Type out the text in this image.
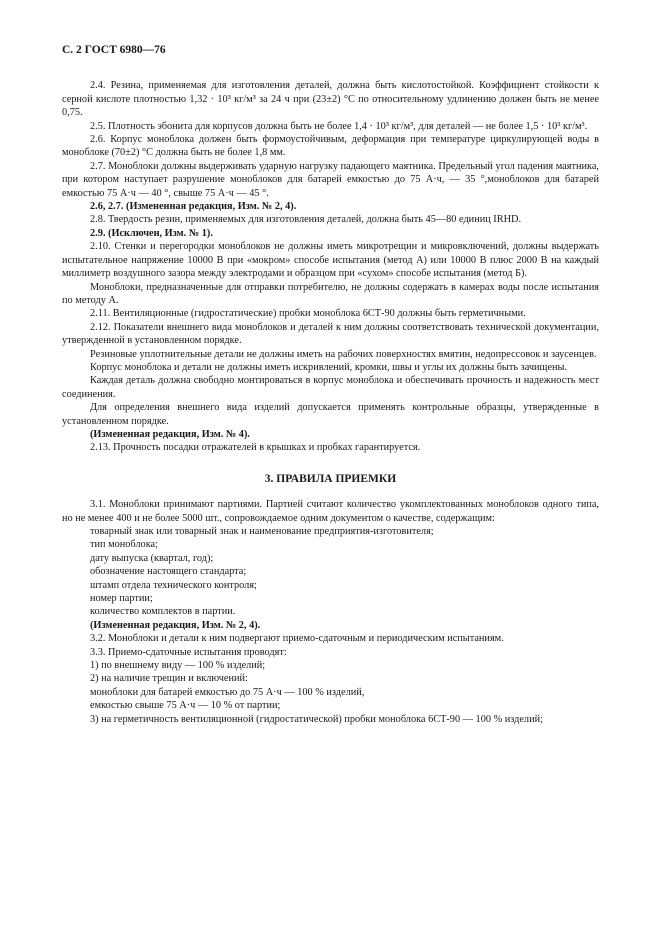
С. 2 ГОСТ 6980—76

2.4. Резина, применяемая для изготовления деталей, должна быть кислотостойкой. Коэффициент стойкости к серной кислоте плотностью 1,32 · 10³ кг/м³ за 24 ч при (23±2) °С по относительному удлинению должен быть не менее 0,75.

2.5. Плотность эбонита для корпусов должна быть не более 1,4 · 10³ кг/м³, для деталей — не более 1,5 · 10³ кг/м³.

2.6. Корпус моноблока должен быть формоустойчивым, деформация при температуре циркулирующей воды в моноблоке (70±2) °С должна быть не более 1,8 мм.

2.7. Моноблоки должны выдерживать ударную нагрузку падающего маятника. Предельный угол падения маятника, при котором наступает разрушение моноблоков для батарей емкостью до 75 А·ч, — 35 °,моноблоков для батарей емкостью 75 А·ч — 40 °, свыше 75 А·ч — 45 °.

2.6, 2.7. (Измененная редакция, Изм. № 2, 4).

2.8. Твердость резин, применяемых для изготовления деталей, должна быть 45—80 единиц IRHD.

2.9. (Исключен, Изм. № 1).

2.10. Стенки и перегородки моноблоков не должны иметь микротрещин и микровключений, должны выдержать испытательное напряжение 10000 В при «мокром» способе испытания (метод А) или 10000 В плюс 2000 В на каждый миллиметр воздушного зазора между электродами и образцом при «сухом» способе испытания (метод Б).

Моноблоки, предназначенные для отправки потребителю, не должны содержать в камерах воды после испытания по методу А.

2.11. Вентиляционные (гидростатические) пробки моноблока 6СТ-90 должны быть герметичными.

2.12. Показатели внешнего вида моноблоков и деталей к ним должны соответствовать технической документации, утвержденной в установленном порядке.

Резиновые уплотнительные детали не должны иметь на рабочих поверхностях вмятин, недопрессовок и заусенцев.

Корпус моноблока и детали не должны иметь искривлений, кромки, швы и углы их должны быть зачищены.

Каждая деталь должна свободно монтироваться в корпус моноблока и обеспечивать прочность и надежность мест соединения.

Для определения внешнего вида изделий допускается применять контрольные образцы, утвержденные в установленном порядке.

(Измененная редакция, Изм. № 4).

2.13. Прочность посадки отражателей в крышках и пробках гарантируется.

3. ПРАВИЛА ПРИЕМКИ

3.1. Моноблоки принимают партиями. Партией считают количество укомплектованных моноблоков одного типа, но не менее 400 и не более 5000 шт., сопровождаемое одним документом о качестве, содержащим:

товарный знак или товарный знак и наименование предприятия-изготовителя;

тип моноблока;

дату выпуска (квартал, год);

обозначение настоящего стандарта;

штамп отдела технического контроля;

номер партии;

количество комплектов в партии.

(Измененная редакция, Изм. № 2, 4).

3.2. Моноблоки и детали к ним подвергают приемо-сдаточным и периодическим испытаниям.

3.3. Приемо-сдаточные испытания проводят:

1) по внешнему виду — 100 % изделий;

2) на наличие трещин и включений:

моноблоки для батарей емкостью до 75 А·ч — 100 % изделий,

емкостью свыше 75 А·ч — 10 % от партии;

3) на герметичность вентиляционной (гидростатической) пробки моноблока 6СТ-90 — 100 % изделий;
